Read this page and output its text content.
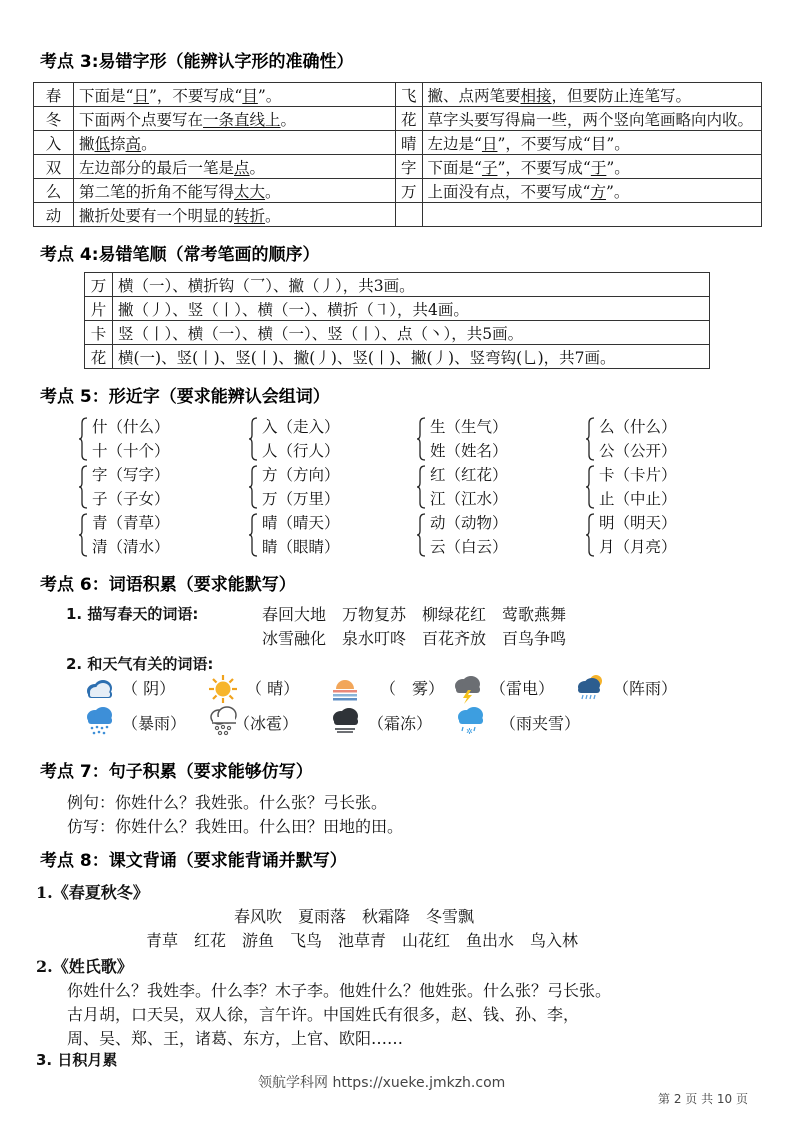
考点 3:易错字形（能辨认字形的准确性）
春	下面是“日”，不要写成“目”。	飞	撇、点两笔要相接，但要防止连笔写。
冬	下面两个点要写在一条直线上。	花	草字头要写得扁一些，两个竖向笔画略向内收。
入	撇低捺高。	晴	左边是“日”，不要写成“目”。
双	左边部分的最后一笔是点。	字	下面是“子”，不要写成“于”。
么	第二笔的折角不能写得太大。	万	上面没有点，不要写成“方”。
动	撇折处要有一个明显的转折。		
考点 4:易错笔顺（常考笔画的顺序）
万	横（一）、横折钩（乛）、撇（丿），共3画。
片	撇（丿）、竖（丨）、横（一）、横折（㇕），共4画。
卡	竖（丨）、横（一）、横（一）、竖（丨）、点（丶），共5画。
花	横(一)、竖(丨)、竖(丨)、撇(丿)、竖(丨)、撇(丿)、竖弯钩(乚)，共7画。
考点 5：形近字（要求能辨认会组词）
什（什么）
十（十个）
入（走入）
人（行人）
生（生气）
姓（姓名）
么（什么）
公（公开）
字（写字）
子（子女）
方（方向）
万（万里）
红（红花）
江（江水）
卡（卡片）
止（中止）
青（青草）
清（清水）
晴（晴天）
睛（眼睛）
动（动物）
云（白云）
明（明天）
月（月亮）
考点 6：词语积累（要求能默写）
1. 描写春天的词语:	春回大地　万物复苏　柳绿花红　莺歌燕舞
冰雪融化　泉水叮咚　百花齐放　百鸟争鸣
2. 和天气有关的词语:
（ 阴）	（ 晴）	（　雾）	（雷电）	（阵雨）
（暴雨）	（冰雹）	（霜冻）	✲ （雨夹雪）
考点 7：句子积累（要求能够仿写）
例句：你姓什么？我姓张。什么张？弓长张。
仿写：你姓什么？我姓田。什么田？田地的田。
考点 8：课文背诵（要求能背诵并默写）
1.《春夏秋冬》
春风吹　夏雨落　秋霜降　冬雪飘
青草　红花　游鱼　飞鸟　池草青　山花红　鱼出水　鸟入林
2.《姓氏歌》
你姓什么？我姓李。什么李？木子李。他姓什么？他姓张。什么张？弓长张。
古月胡，口天吴，双人徐，言午许。中国姓氏有很多，赵、钱、孙、李，
周、吴、郑、王，诸葛、东方，上官、欧阳……
3. 日积月累
领航学科网 https://xueke.jmkzh.com
第 2 页 共 10 页
